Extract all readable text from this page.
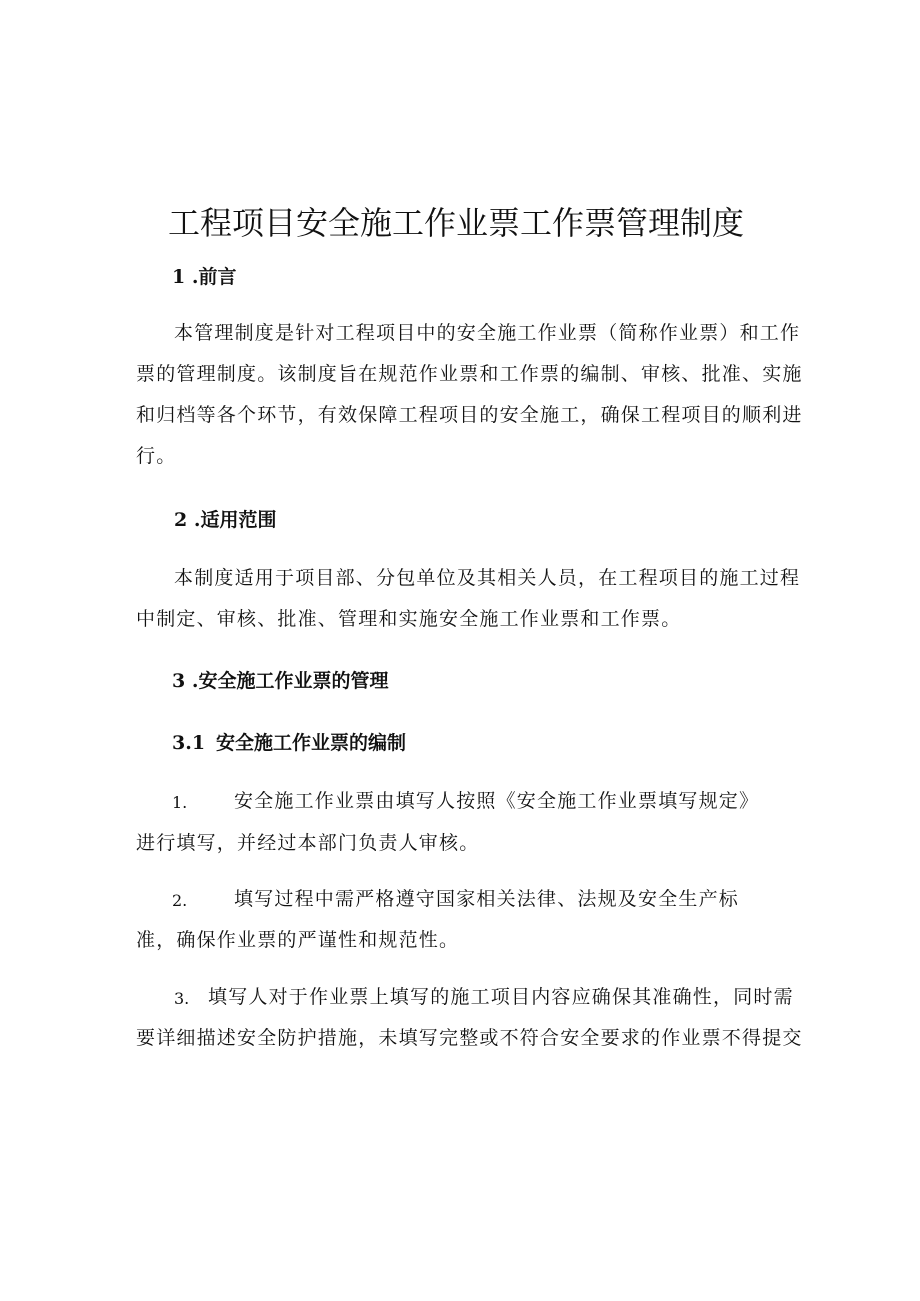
工程项目安全施工作业票工作票管理制度
1 .前言
本管理制度是针对工程项目中的安全施工作业票（简称作业票）和工作
票的管理制度。该制度旨在规范作业票和工作票的编制、审核、批准、实施
和归档等各个环节，有效保障工程项目的安全施工，确保工程项目的顺利进
行。
2 .适用范围
本制度适用于项目部、分包单位及其相关人员，在工程项目的施工过程
中制定、审核、批准、管理和实施安全施工作业票和工作票。
3 .安全施工作业票的管理
3.1 安全施工作业票的编制
1. 安全施工作业票由填写人按照《安全施工作业票填写规定》
进行填写，并经过本部门负责人审核。
2. 填写过程中需严格遵守国家相关法律、法规及安全生产标
准，确保作业票的严谨性和规范性。
3. 填写人对于作业票上填写的施工项目内容应确保其准确性，同时需
要详细描述安全防护措施，未填写完整或不符合安全要求的作业票不得提交
